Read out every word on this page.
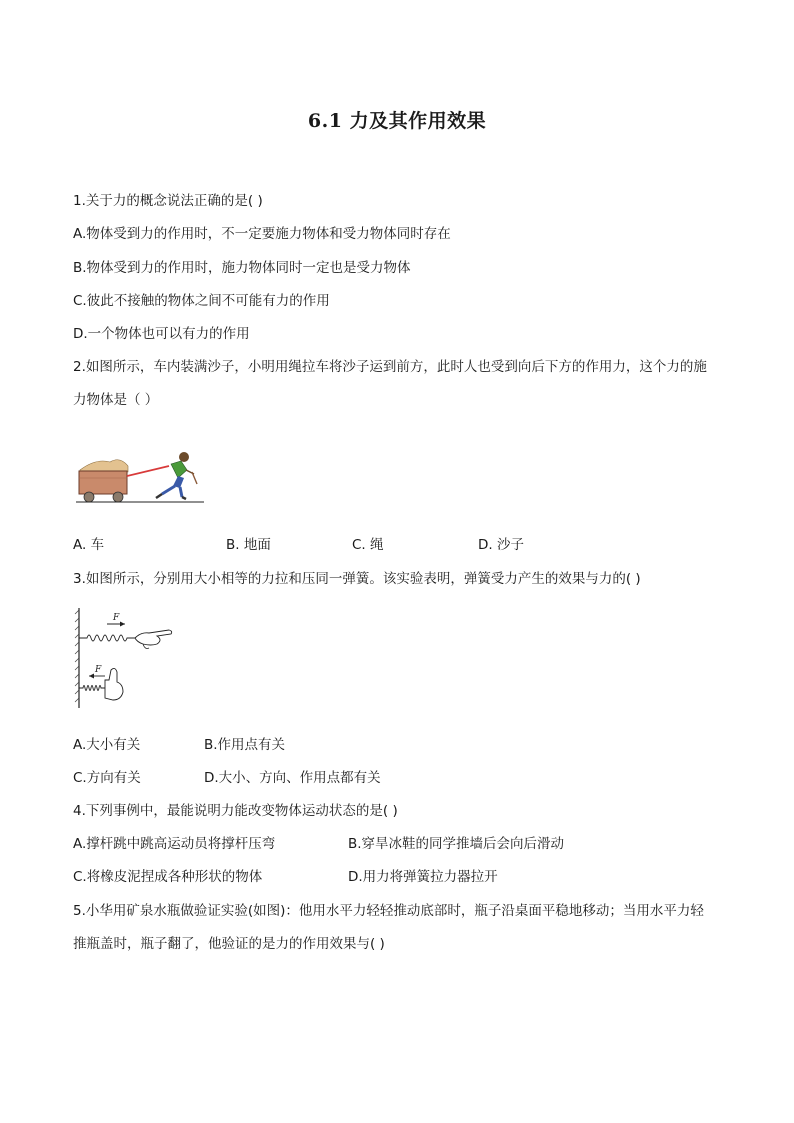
6.1 力及其作用效果
1.关于力的概念说法正确的是( )
A.物体受到力的作用时，不一定要施力物体和受力物体同时存在
B.物体受到力的作用时，施力物体同时一定也是受力物体
C.彼此不接触的物体之间不可能有力的作用
D.一个物体也可以有力的作用
2.如图所示，车内装满沙子，小明用绳拉车将沙子运到前方，此时人也受到向后下方的作用力，这个力的施
力物体是（ ）
A. 车	B. 地面	C. 绳	D. 沙子
3.如图所示，分别用大小相等的力拉和压同一弹簧。该实验表明，弹簧受力产生的效果与力的( )
F
F
A.大小有关	B.作用点有关
C.方向有关	D.大小、方向、作用点都有关
4.下列事例中，最能说明力能改变物体运动状态的是( )
A.撑杆跳中跳高运动员将撑杆压弯	B.穿旱冰鞋的同学推墙后会向后滑动
C.将橡皮泥捏成各种形状的物体	D.用力将弹簧拉力器拉开
5.小华用矿泉水瓶做验证实验(如图)：他用水平力轻轻推动底部时，瓶子沿桌面平稳地移动；当用水平力轻
推瓶盖时，瓶子翻了，他验证的是力的作用效果与( )
